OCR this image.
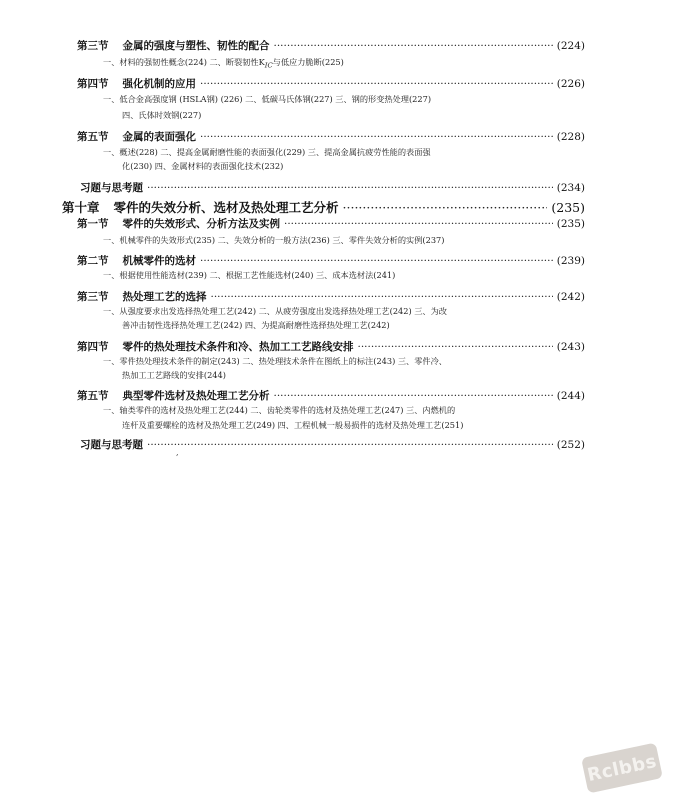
第三节 金属的强度与塑性、韧性的配合 ·····	(224)
一、材料的强韧性概念(224) 二、断裂韧性$K_{IC}$与低应力脆断(225)
第四节 强化机制的应用 ·····	(226)
一、低合金高强度钢 (HSLA钢) (226) 二、低碳马氏体钢(227) 三、钢的形变热处理(227)
四、氏体时效钢(227)
第五节 金属的表面强化 ·····	(228)
一、概述(228) 二、提高金属耐磨性能的表面强化(229) 三、提高金属抗疲劳性能的表面强
化(230) 四、金属材料的表面强化技术(232)
习题与思考题 ·····	(234)
第十章 零件的失效分析、选材及热处理工艺分析 ·····	(235)
第一节 零件的失效形式、分析方法及实例 ·····	(235)
一、机械零件的失效形式(235) 二、失效分析的一般方法(236) 三、零件失效分析的实例(237)
第二节 机械零件的选材 ·····	(239)
一、根据使用性能选材(239) 二、根据工艺性能选材(240) 三、成本选材法(241)
第三节 热处理工艺的选择 ·····	(242)
一、从强度要求出发选择热处理工艺(242) 二、从疲劳强度出发选择热处理工艺(242) 三、为改
善冲击韧性选择热处理工艺(242) 四、为提高耐磨性选择热处理工艺(242)
第四节 零件的热处理技术条件和冷、热加工工艺路线安排 ·····	(243)
一、零件热处理技术条件的制定(243) 二、热处理技术条件在图纸上的标注(243) 三、零件冷、
热加工工艺路线的安排(244)
第五节 典型零件选材及热处理工艺分析 ·····	(244)
一、轴类零件的选材及热处理工艺(244) 二、齿轮类零件的选材及热处理工艺(247) 三、内燃机的
连杆及重要螺栓的选材及热处理工艺(249) 四、工程机械一般易损件的选材及热处理工艺(251)
习题与思考题 ·····	(252)
,
Rclbbs
